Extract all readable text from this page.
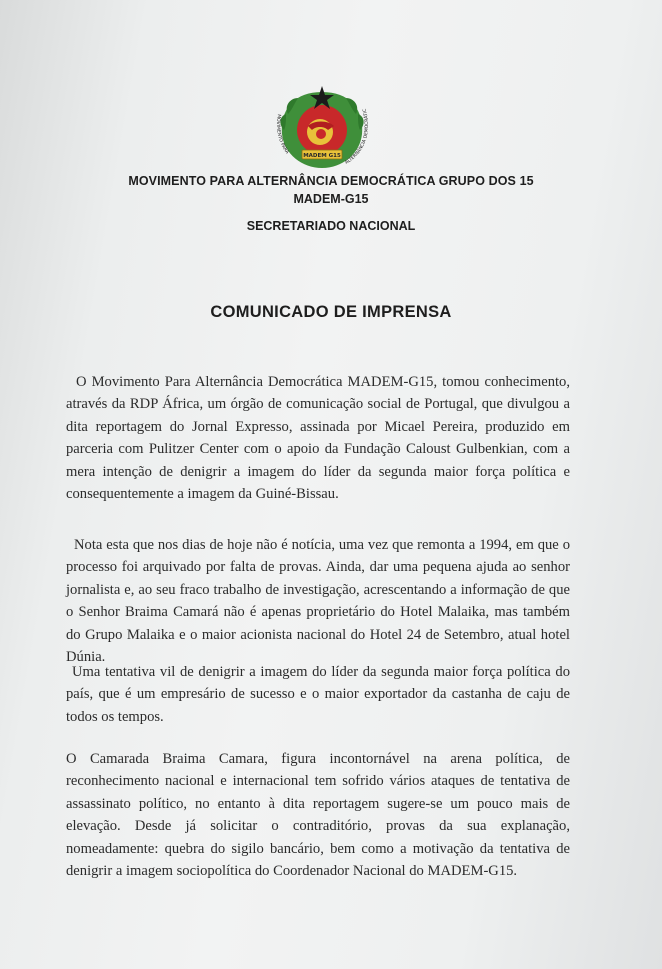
MADEM G15
MOVIMENTO PARA
ALTERNÂNCIA DEMOCRÁTIC
MOVIMENTO PARA ALTERNÂNCIA DEMOCRÁTICA GRUPO DOS 15
MADEM-G15
SECRETARIADO NACIONAL
COMUNICADO DE IMPRENSA
O Movimento Para Alternância Democrática MADEM-G15, tomou conhecimento, através da RDP África, um órgão de comunicação social de Portugal, que divulgou a dita reportagem do Jornal Expresso, assinada por Micael Pereira, produzido em parceria com Pulitzer Center com o apoio da Fundação Caloust Gulbenkian, com a mera intenção de denigrir a imagem do líder da segunda maior força política e consequentemente a imagem da Guiné-Bissau.
Nota esta que nos dias de hoje não é notícia, uma vez que remonta a 1994, em que o processo foi arquivado por falta de provas. Ainda, dar uma pequena ajuda ao senhor jornalista e, ao seu fraco trabalho de investigação, acrescentando a informação de que o Senhor Braima Camará não é apenas proprietário do Hotel Malaika, mas também do Grupo Malaika e o maior acionista nacional do Hotel 24 de Setembro, atual hotel Dúnia.
Uma tentativa vil de denigrir a imagem do líder da segunda maior força política do país, que é um empresário de sucesso e o maior exportador da castanha de caju de todos os tempos.
O Camarada Braima Camara, figura incontornável na arena política, de reconhecimento nacional e internacional tem sofrido vários ataques de tentativa de assassinato político, no entanto à dita reportagem sugere-se um pouco mais de elevação. Desde já solicitar o contraditório, provas da sua explanação, nomeadamente: quebra do sigilo bancário, bem como a motivação da tentativa de denigrir a imagem sociopolítica do Coordenador Nacional do MADEM-G15.
